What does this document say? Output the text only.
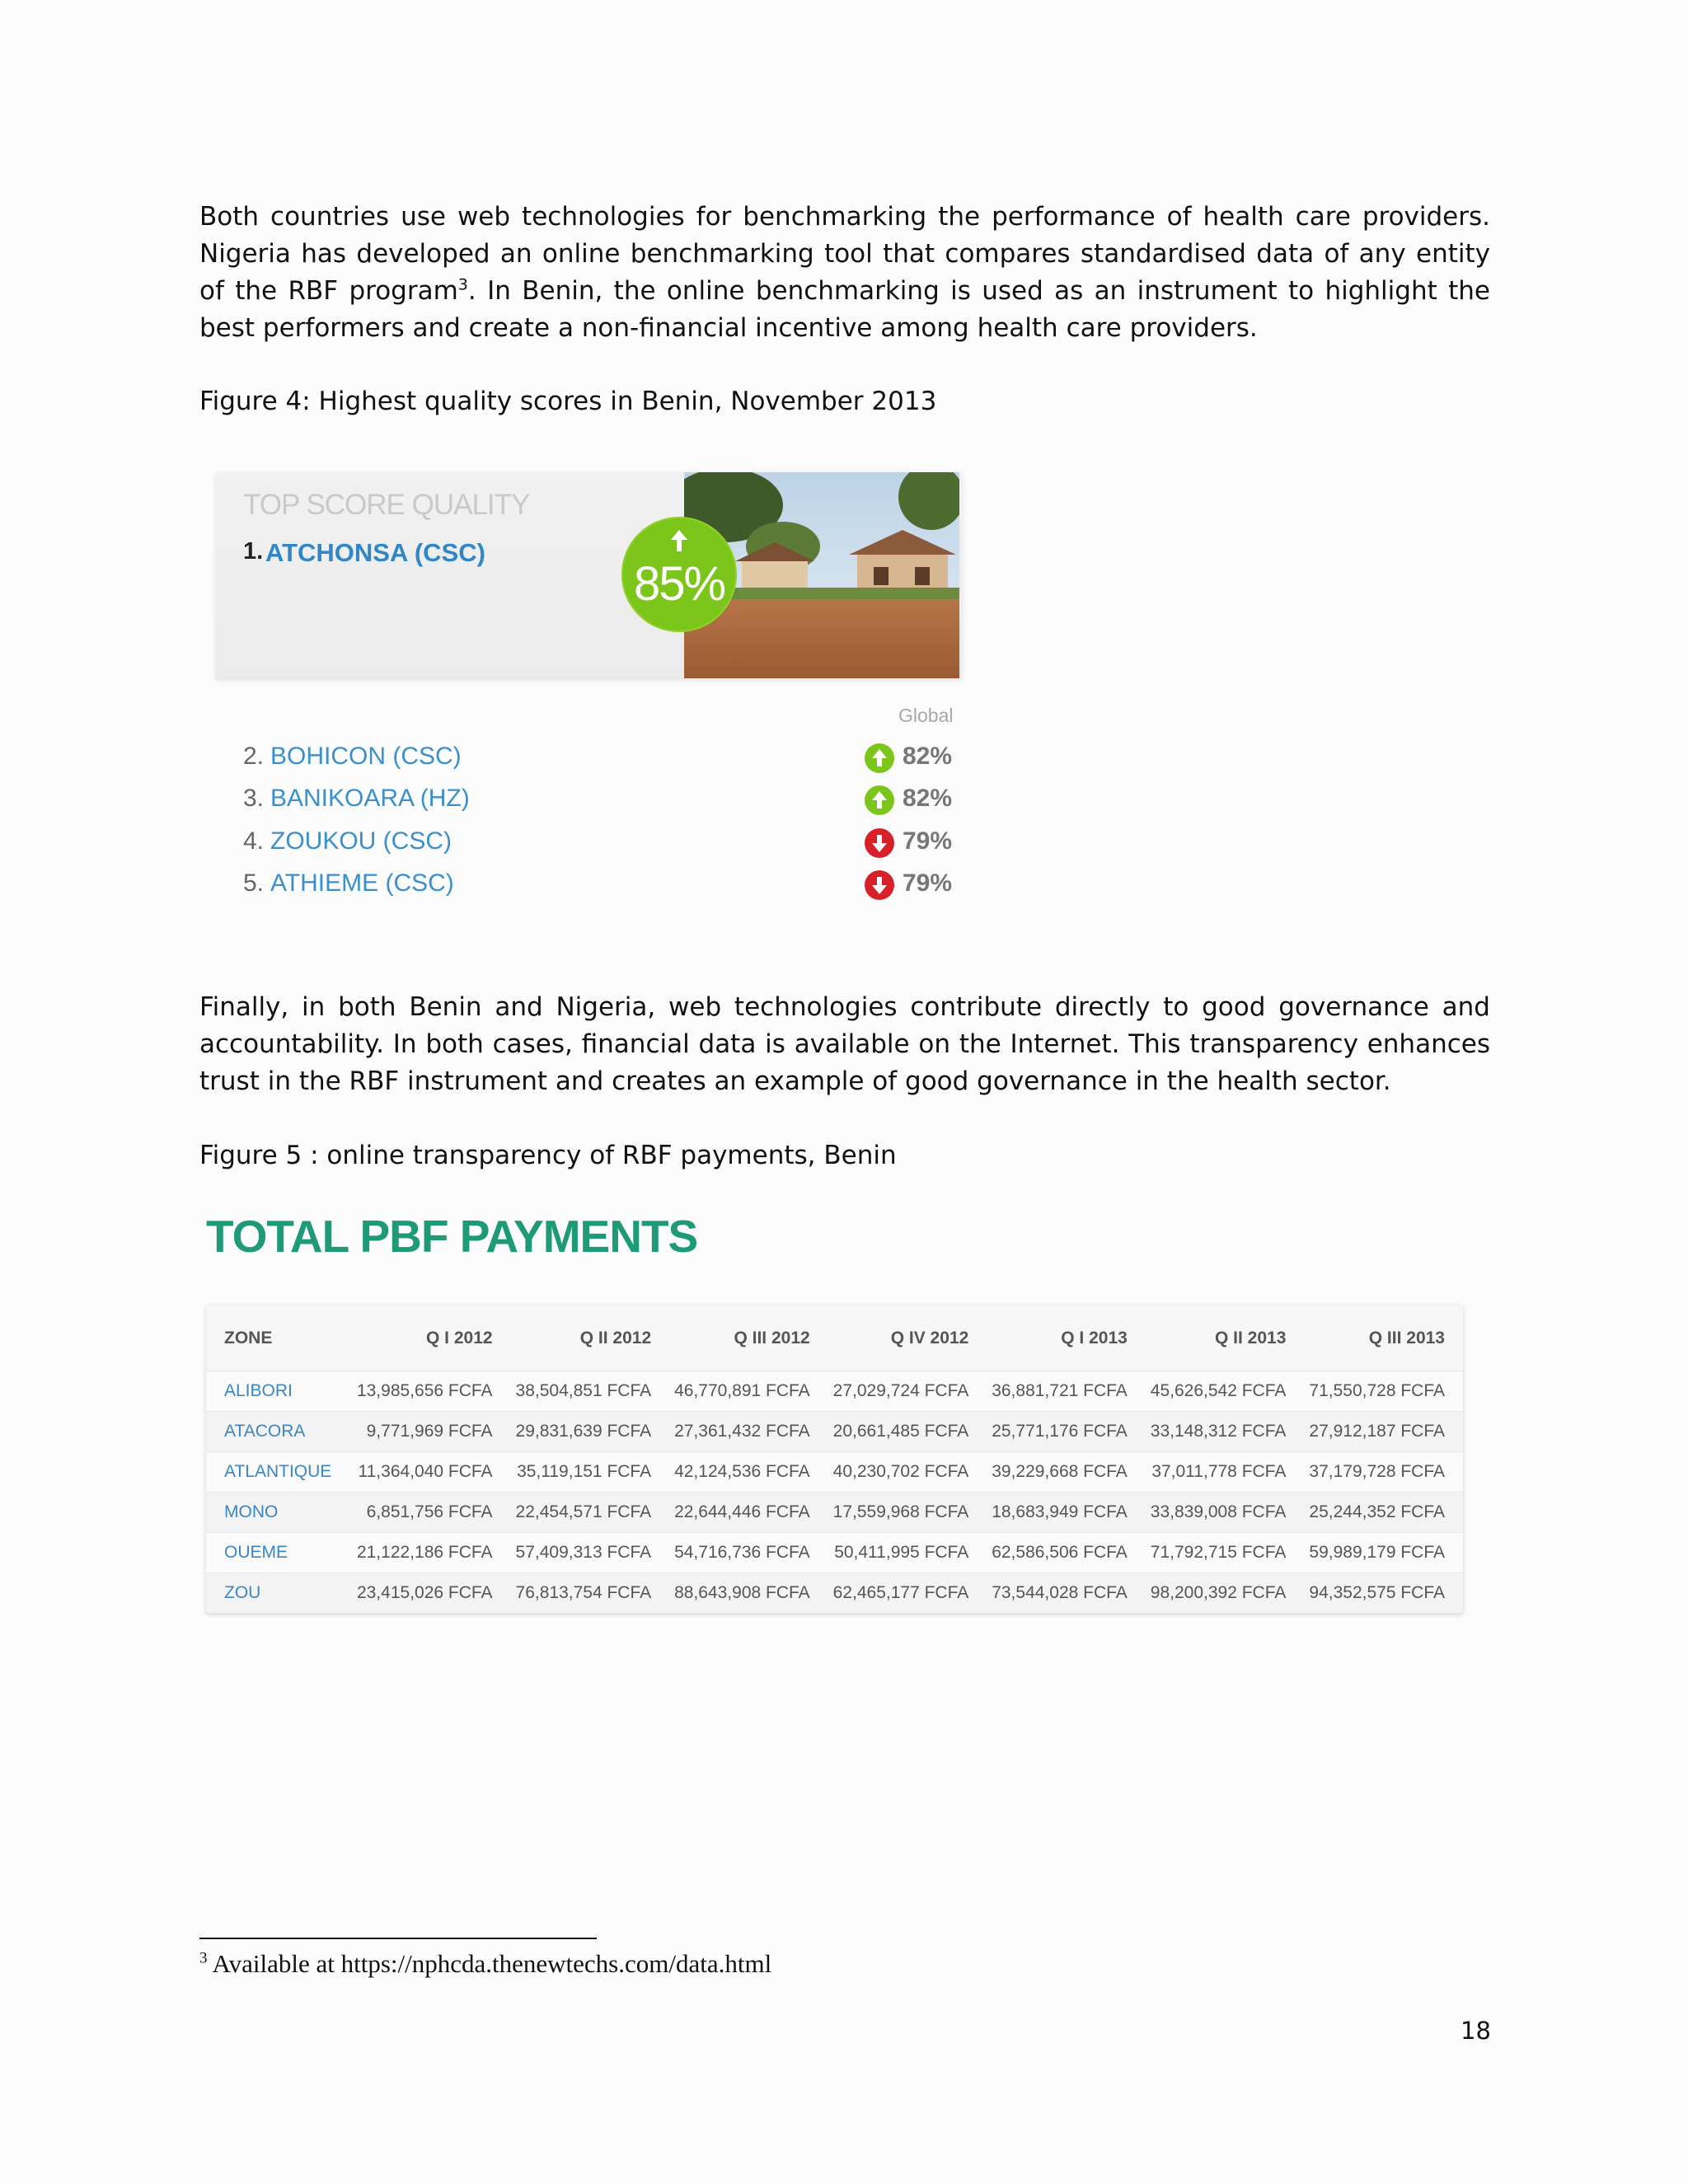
Both countries use web technologies for benchmarking the performance of health care providers. Nigeria has developed an online benchmarking tool that compares standardised data of any entity of the RBF program$^3$. In Benin, the online benchmarking is used as an instrument to highlight the best performers and create a non-financial incentive among health care providers.

Figure 4: Highest quality scores in Benin, November 2013

TOP SCORE QUALITY
1. ATCHONSA (CSC)
85%
Global
2. BOHICON (CSC)	82%
3. BANIKOARA (HZ)	82%
4. ZOUKOU (CSC)	79%
5. ATHIEME (CSC)	79%

Finally, in both Benin and Nigeria, web technologies contribute directly to good governance and accountability. In both cases, financial data is available on the Internet. This transparency enhances trust in the RBF instrument and creates an example of good governance in the health sector.

Figure 5 : online transparency of RBF payments, Benin

TOTAL PBF PAYMENTS
ZONE	Q I 2012	Q II 2012	Q III 2012	Q IV 2012	Q I 2013	Q II 2013	Q III 2013
ALIBORI	13,985,656 FCFA	38,504,851 FCFA	46,770,891 FCFA	27,029,724 FCFA	36,881,721 FCFA	45,626,542 FCFA	71,550,728 FCFA
ATACORA	9,771,969 FCFA	29,831,639 FCFA	27,361,432 FCFA	20,661,485 FCFA	25,771,176 FCFA	33,148,312 FCFA	27,912,187 FCFA
ATLANTIQUE	11,364,040 FCFA	35,119,151 FCFA	42,124,536 FCFA	40,230,702 FCFA	39,229,668 FCFA	37,011,778 FCFA	37,179,728 FCFA
MONO	6,851,756 FCFA	22,454,571 FCFA	22,644,446 FCFA	17,559,968 FCFA	18,683,949 FCFA	33,839,008 FCFA	25,244,352 FCFA
OUEME	21,122,186 FCFA	57,409,313 FCFA	54,716,736 FCFA	50,411,995 FCFA	62,586,506 FCFA	71,792,715 FCFA	59,989,179 FCFA
ZOU	23,415,026 FCFA	76,813,754 FCFA	88,643,908 FCFA	62,465,177 FCFA	73,544,028 FCFA	98,200,392 FCFA	94,352,575 FCFA
$^3$ Available at https://nphcda.thenewtechs.com/data.html
18
